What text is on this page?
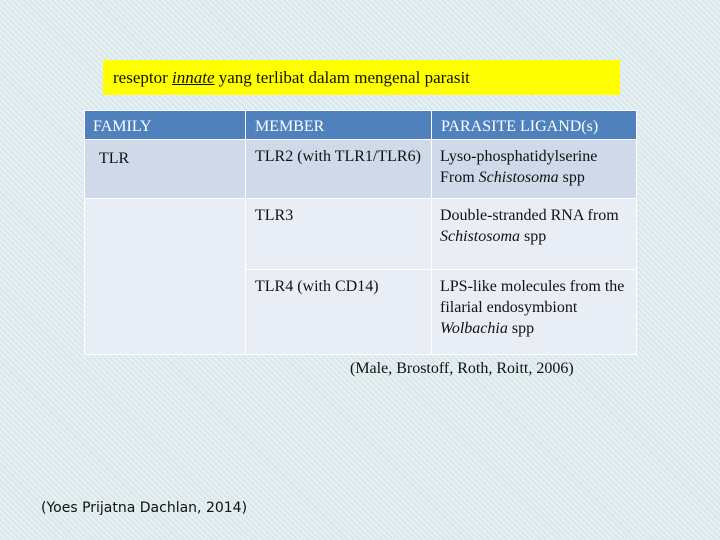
reseptor innate yang terlibat dalam mengenal parasit
FAMILY	MEMBER	PARASITE LIGAND(s)
TLR	TLR2 (with TLR1/TLR6)	Lyso-phosphatidylserine From Schistosoma spp
	TLR3	Double-stranded RNA from Schistosoma spp
	TLR4 (with CD14)	LPS-like molecules from the filarial endosymbiont Wolbachia spp
(Male, Brostoff, Roth, Roitt, 2006)
(Yoes Prijatna Dachlan, 2014)
